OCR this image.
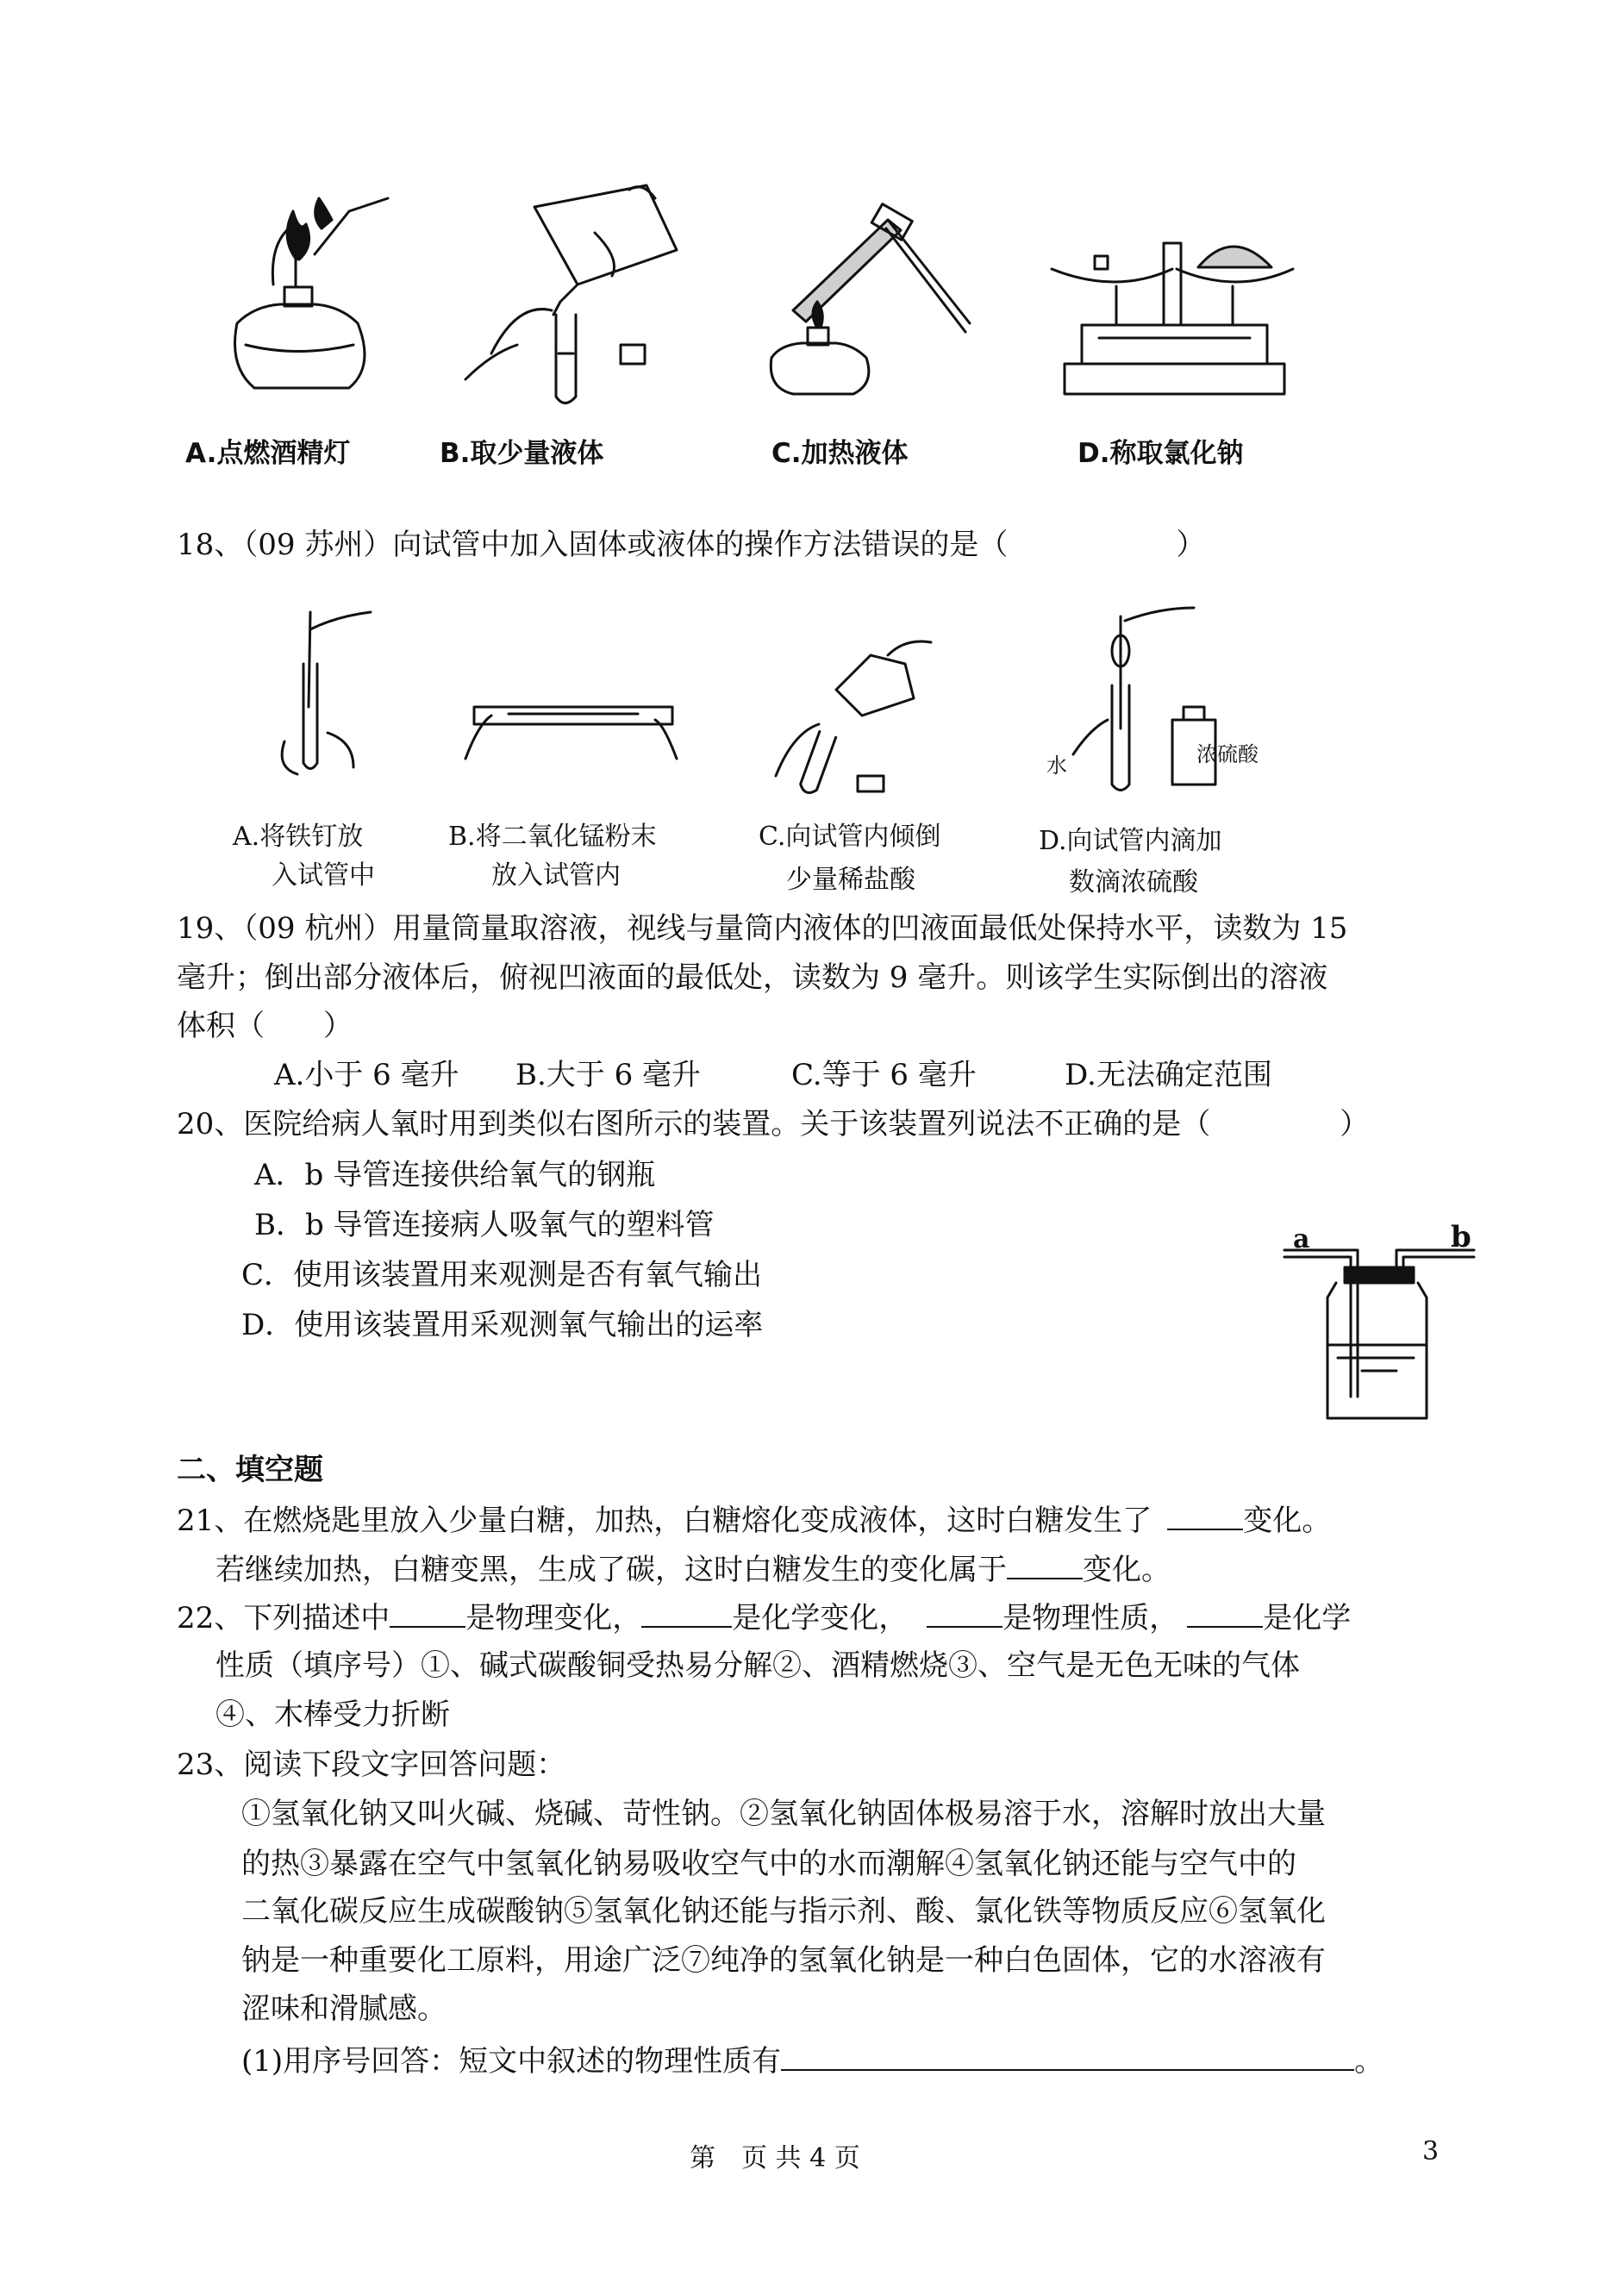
A.点燃酒精灯	B.取少量液体	C.加热液体	D.称取氯化钠
18、（09 苏州）向试管中加入固体或液体的操作方法错误的是（	）
水	浓硫酸
A.将铁钉放
入试管中
B.将二氧化锰粉末
放入试管内
C.向试管内倾倒
少量稀盐酸
D.向试管内滴加
数滴浓硫酸
19、（09 杭州）用量筒量取溶液，视线与量筒内液体的凹液面最低处保持水平，读数为 15
毫升；倒出部分液体后，俯视凹液面的最低处，读数为 9 毫升。则该学生实际倒出的溶液
体积（　　）
A.小于 6 毫升 B.大于 6 毫升	C.等于 6 毫升	D.无法确定范围
20、医院给病人氧时用到类似右图所示的装置。关于该装置列说法不正确的是（	）
A．b 导管连接供给氧气的钢瓶
B．b 导管连接病人吸氧气的塑料管
C．使用该装置用来观测是否有氧气输出
D．使用该装置用采观测氧气输出的运率
a	b
二、填空题
21、在燃烧匙里放入少量白糖，加热，白糖熔化变成液体，这时白糖发生了	变化。
若继续加热，白糖变黑，生成了碳，这时白糖发生的变化属于	变化。
22、下列描述中	是物理变化，	是化学变化，	是物理性质，	是化学
性质（填序号）①、碱式碳酸铜受热易分解②、酒精燃烧③、空气是无色无味的气体
④、木棒受力折断
23、阅读下段文字回答问题：
①氢氧化钠又叫火碱、烧碱、苛性钠。②氢氧化钠固体极易溶于水，溶解时放出大量
的热③暴露在空气中氢氧化钠易吸收空气中的水而潮解④氢氧化钠还能与空气中的
二氧化碳反应生成碳酸钠⑤氢氧化钠还能与指示剂、酸、氯化铁等物质反应⑥氢氧化
钠是一种重要化工原料，用途广泛⑦纯净的氢氧化钠是一种白色固体，它的水溶液有
涩味和滑腻感。
(1)用序号回答：短文中叙述的物理性质有	。
第　页 共 4 页	3
